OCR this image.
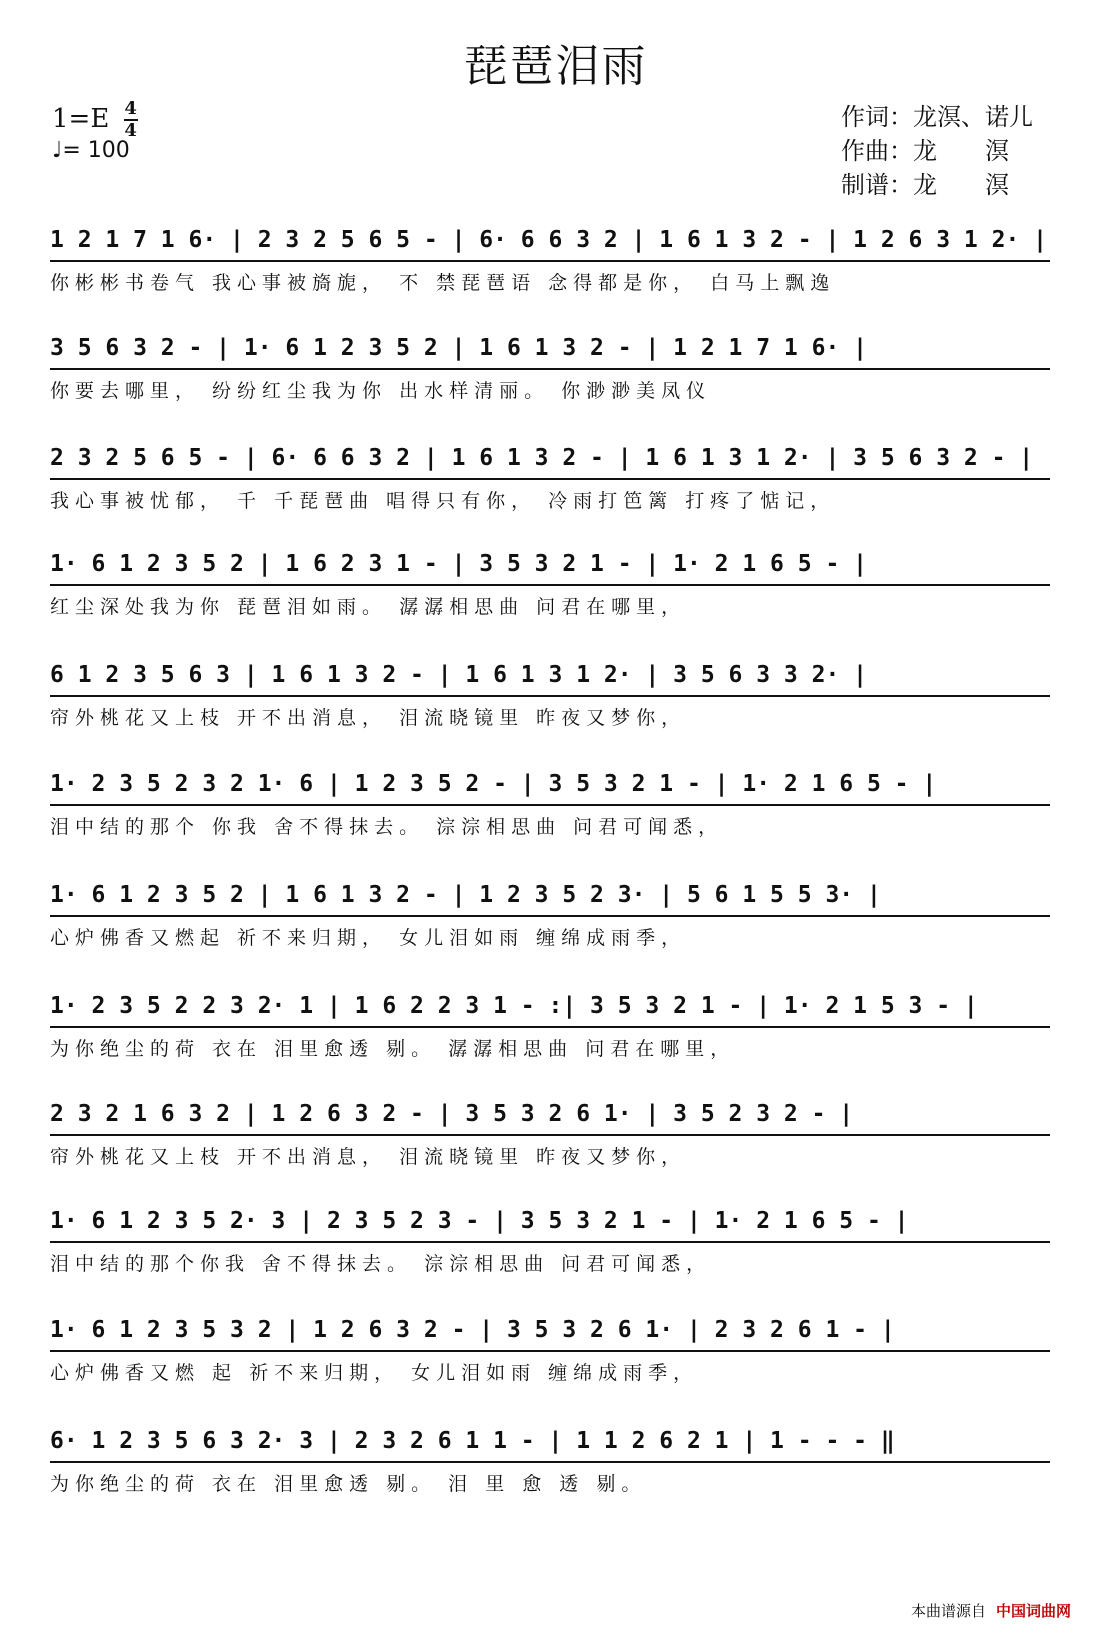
琵琶泪雨
$1=E \frac{4}{4}$
♩= 100
作词：龙溟、诺儿
作曲：龙　　溟
制谱：龙　　溟
1 2 1 7 1 6· | 2 3 2 5 6 5 - | 6· 6 6 3 2 | 1 6 1 3 2 - | 1 2 6 3 1 2· |
你彬彬书卷气 我心事被旖旎， 不 禁琵琶语 念得都是你， 白马上飘逸
3 5 6 3 2 - | 1· 6 1 2 3 5 2 | 1 6 1 3 2 - | 1 2 1 7 1 6· |
你要去哪里， 纷纷红尘我为你 出水样清丽。 你渺渺美凤仪
2 3 2 5 6 5 - | 6· 6 6 3 2 | 1 6 1 3 2 - | 1 6 1 3 1 2· | 3 5 6 3 2 - |
我心事被忧郁， 千 千琵琶曲 唱得只有你， 冷雨打笆篱 打疼了惦记，
1· 6 1 2 3 5 2 | 1 6 2 3 1 - | 3 5 3 2 1 - | 1· 2 1 6 5 - |
红尘深处我为你 琵琶泪如雨。 潺潺相思曲 问君在哪里，
6 1 2 3 5 6 3 | 1 6 1 3 2 - | 1 6 1 3 1 2· | 3 5 6 3 3 2· |
帘外桃花又上枝 开不出消息， 泪流晓镜里 昨夜又梦你，
1· 2 3 5 2 3 2 1· 6 | 1 2 3 5 2 - | 3 5 3 2 1 - | 1· 2 1 6 5 - |
泪中结的那个 你我 舍不得抹去。 淙淙相思曲 问君可闻悉，
1· 6 1 2 3 5 2 | 1 6 1 3 2 - | 1 2 3 5 2 3· | 5 6 1 5 5 3· |
心炉佛香又燃起 祈不来归期， 女儿泪如雨 缠绵成雨季，
1· 2 3 5 2 2 3 2· 1 | 1 6 2 2 3 1 - :| 3 5 3 2 1 - | 1· 2 1 5 3 - |
为你绝尘的荷 衣在 泪里愈透 剔。 潺潺相思曲 问君在哪里，
2 3 2 1 6 3 2 | 1 2 6 3 2 - | 3 5 3 2 6 1· | 3 5 2 3 2 - |
帘外桃花又上枝 开不出消息， 泪流晓镜里 昨夜又梦你，
1· 6 1 2 3 5 2· 3 | 2 3 5 2 3 - | 3 5 3 2 1 - | 1· 2 1 6 5 - |
泪中结的那个你我 舍不得抹去。 淙淙相思曲 问君可闻悉，
1· 6 1 2 3 5 3 2 | 1 2 6 3 2 - | 3 5 3 2 6 1· | 2 3 2 6 1 - |
心炉佛香又燃 起 祈不来归期， 女儿泪如雨 缠绵成雨季，
6· 1 2 3 5 6 3 2· 3 | 2 3 2 6 1 1 - | 1 1 2 6 2 1 | 1 - - - ‖
为你绝尘的荷 衣在 泪里愈透 剔。 泪 里 愈 透 剔。
本曲谱源自 中国词曲网
